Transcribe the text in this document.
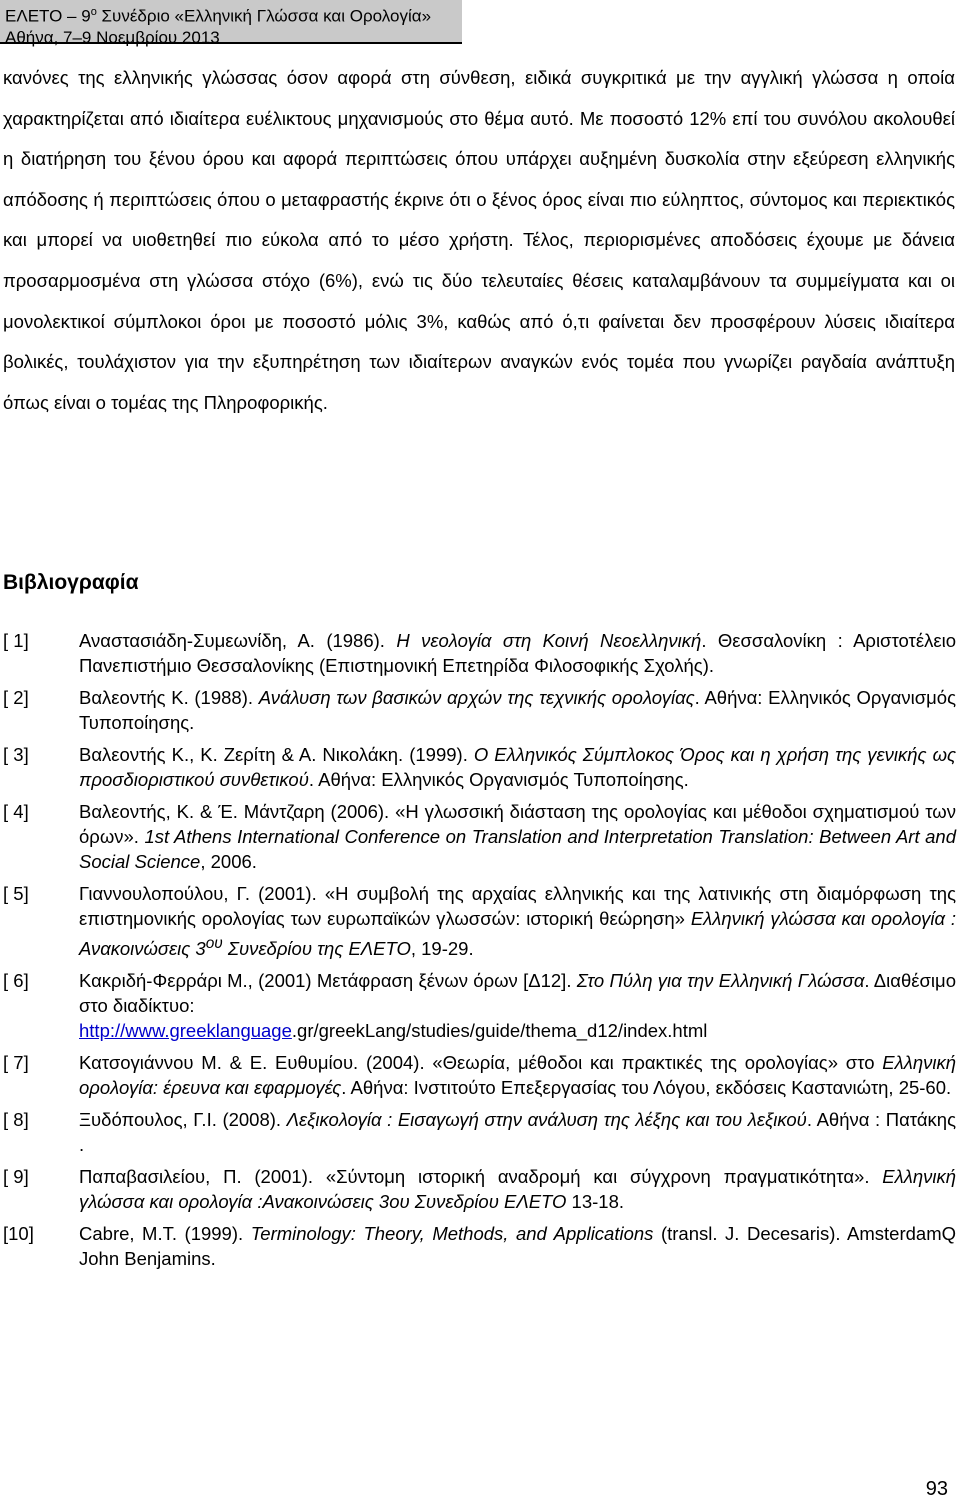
ΕΛΕΤΟ – $9^o$ Συνέδριο «Ελληνική Γλώσσα και Ορολογία»
Αθήνα, 7–9 Νοεμβρίου 2013

κανόνες της ελληνικής γλώσσας όσον αφορά στη σύνθεση, ειδικά συγκριτικά με την αγγλική γλώσσα η οποία χαρακτηρίζεται από ιδιαίτερα ευέλικτους μηχανισμούς στο θέμα αυτό. Με ποσοστό 12% επί του συνόλου ακολουθεί η διατήρηση του ξένου όρου και αφορά περιπτώσεις όπου υπάρχει αυξημένη δυσκολία στην εξεύρεση ελληνικής απόδοσης ή περιπτώσεις όπου ο μεταφραστής έκρινε ότι ο ξένος όρος είναι πιο εύληπτος, σύντομος και περιεκτικός και μπορεί να υιοθετηθεί πιο εύκολα από το μέσο χρήστη. Τέλος, περιορισμένες αποδόσεις έχουμε με δάνεια προσαρμοσμένα στη γλώσσα στόχο (6%), ενώ τις δύο τελευταίες θέσεις καταλαμβάνουν τα συμμείγματα και οι μονολεκτικοί σύμπλοκοι όροι με ποσοστό μόλις 3%, καθώς από ό,τι φαίνεται δεν προσφέρουν λύσεις ιδιαίτερα βολικές, τουλάχιστον για την εξυπηρέτηση των ιδιαίτερων αναγκών ενός τομέα που γνωρίζει ραγδαία ανάπτυξη όπως είναι ο τομέας της Πληροφορικής.

Βιβλιογραφία
[ 1]	Αναστασιάδη-Συμεωνίδη, Α. (1986). Η νεολογία στη Κοινή Νεοελληνική. Θεσσαλονίκη : Αριστοτέλειο Πανεπιστήμιο Θεσσαλονίκης (Επιστημονική Επετηρίδα Φιλοσοφικής Σχολής).
[ 2]	Βαλεοντής Κ. (1988). Ανάλυση των βασικών αρχών της τεχνικής ορολογίας. Αθήνα: Ελληνικός Οργανισμός Τυποποίησης.
[ 3]	Βαλεοντής Κ., Κ. Ζερίτη & Α. Νικολάκη. (1999). Ο Ελληνικός Σύμπλοκος Όρος και η χρήση της γενικής ως προσδιοριστικού συνθετικού. Αθήνα: Ελληνικός Οργανισμός Τυποποίησης.
[ 4]	Βαλεοντής, Κ. & Έ. Μάντζαρη (2006). «Η γλωσσική διάσταση της ορολογίας και μέθοδοι σχηματισμού των όρων». 1st Athens International Conference on Translation and Interpretation Translation: Between Art and Social Science, 2006.
[ 5]	Γιαννουλοπούλου, Γ. (2001). «Η συμβολή της αρχαίας ελληνικής και της λατινικής στη διαμόρφωση της επιστημονικής ορολογίας των ευρωπαϊκών γλωσσών: ιστορική θεώρηση» Ελληνική γλώσσα και ορολογία : Ανακοινώσεις $3^{o\upsilon}$ Συνεδρίου της ΕΛΕΤΟ, 19-29.
[ 6]	Κακριδή-Φερράρι Μ., (2001) Μετάφραση ξένων όρων [Δ12]. Στο Πύλη για την Ελληνική Γλώσσα. Διαθέσιμο στο διαδίκτυο:
http://www.greeklanguage.gr/greekLang/studies/guide/thema_d12/index.html
[ 7]	Κατσογιάννου Μ. & Ε. Ευθυμίου. (2004). «Θεωρία, μέθοδοι και πρακτικές της ορολογίας» στο Ελληνική ορολογία: έρευνα και εφαρμογές. Αθήνα: Ινστιτούτο Επεξεργασίας του Λόγου, εκδόσεις Καστανιώτη, 25-60.
[ 8]	Ξυδόπουλος, Γ.Ι. (2008). Λεξικολογία : Εισαγωγή στην ανάλυση της λέξης και του λεξικού. Αθήνα : Πατάκης .
[ 9]	Παπαβασιλείου, Π. (2001). «Σύντομη ιστορική αναδρομή και σύγχρονη πραγματικότητα». Ελληνική γλώσσα και ορολογία :Ανακοινώσεις 3ου Συνεδρίου ΕΛΕΤΟ 13-18.
[10]	Cabre, M.T. (1999). Terminology: Theory, Methods, and Applications (transl. J. Decesaris). AmsterdamQ John Benjamins.
93
